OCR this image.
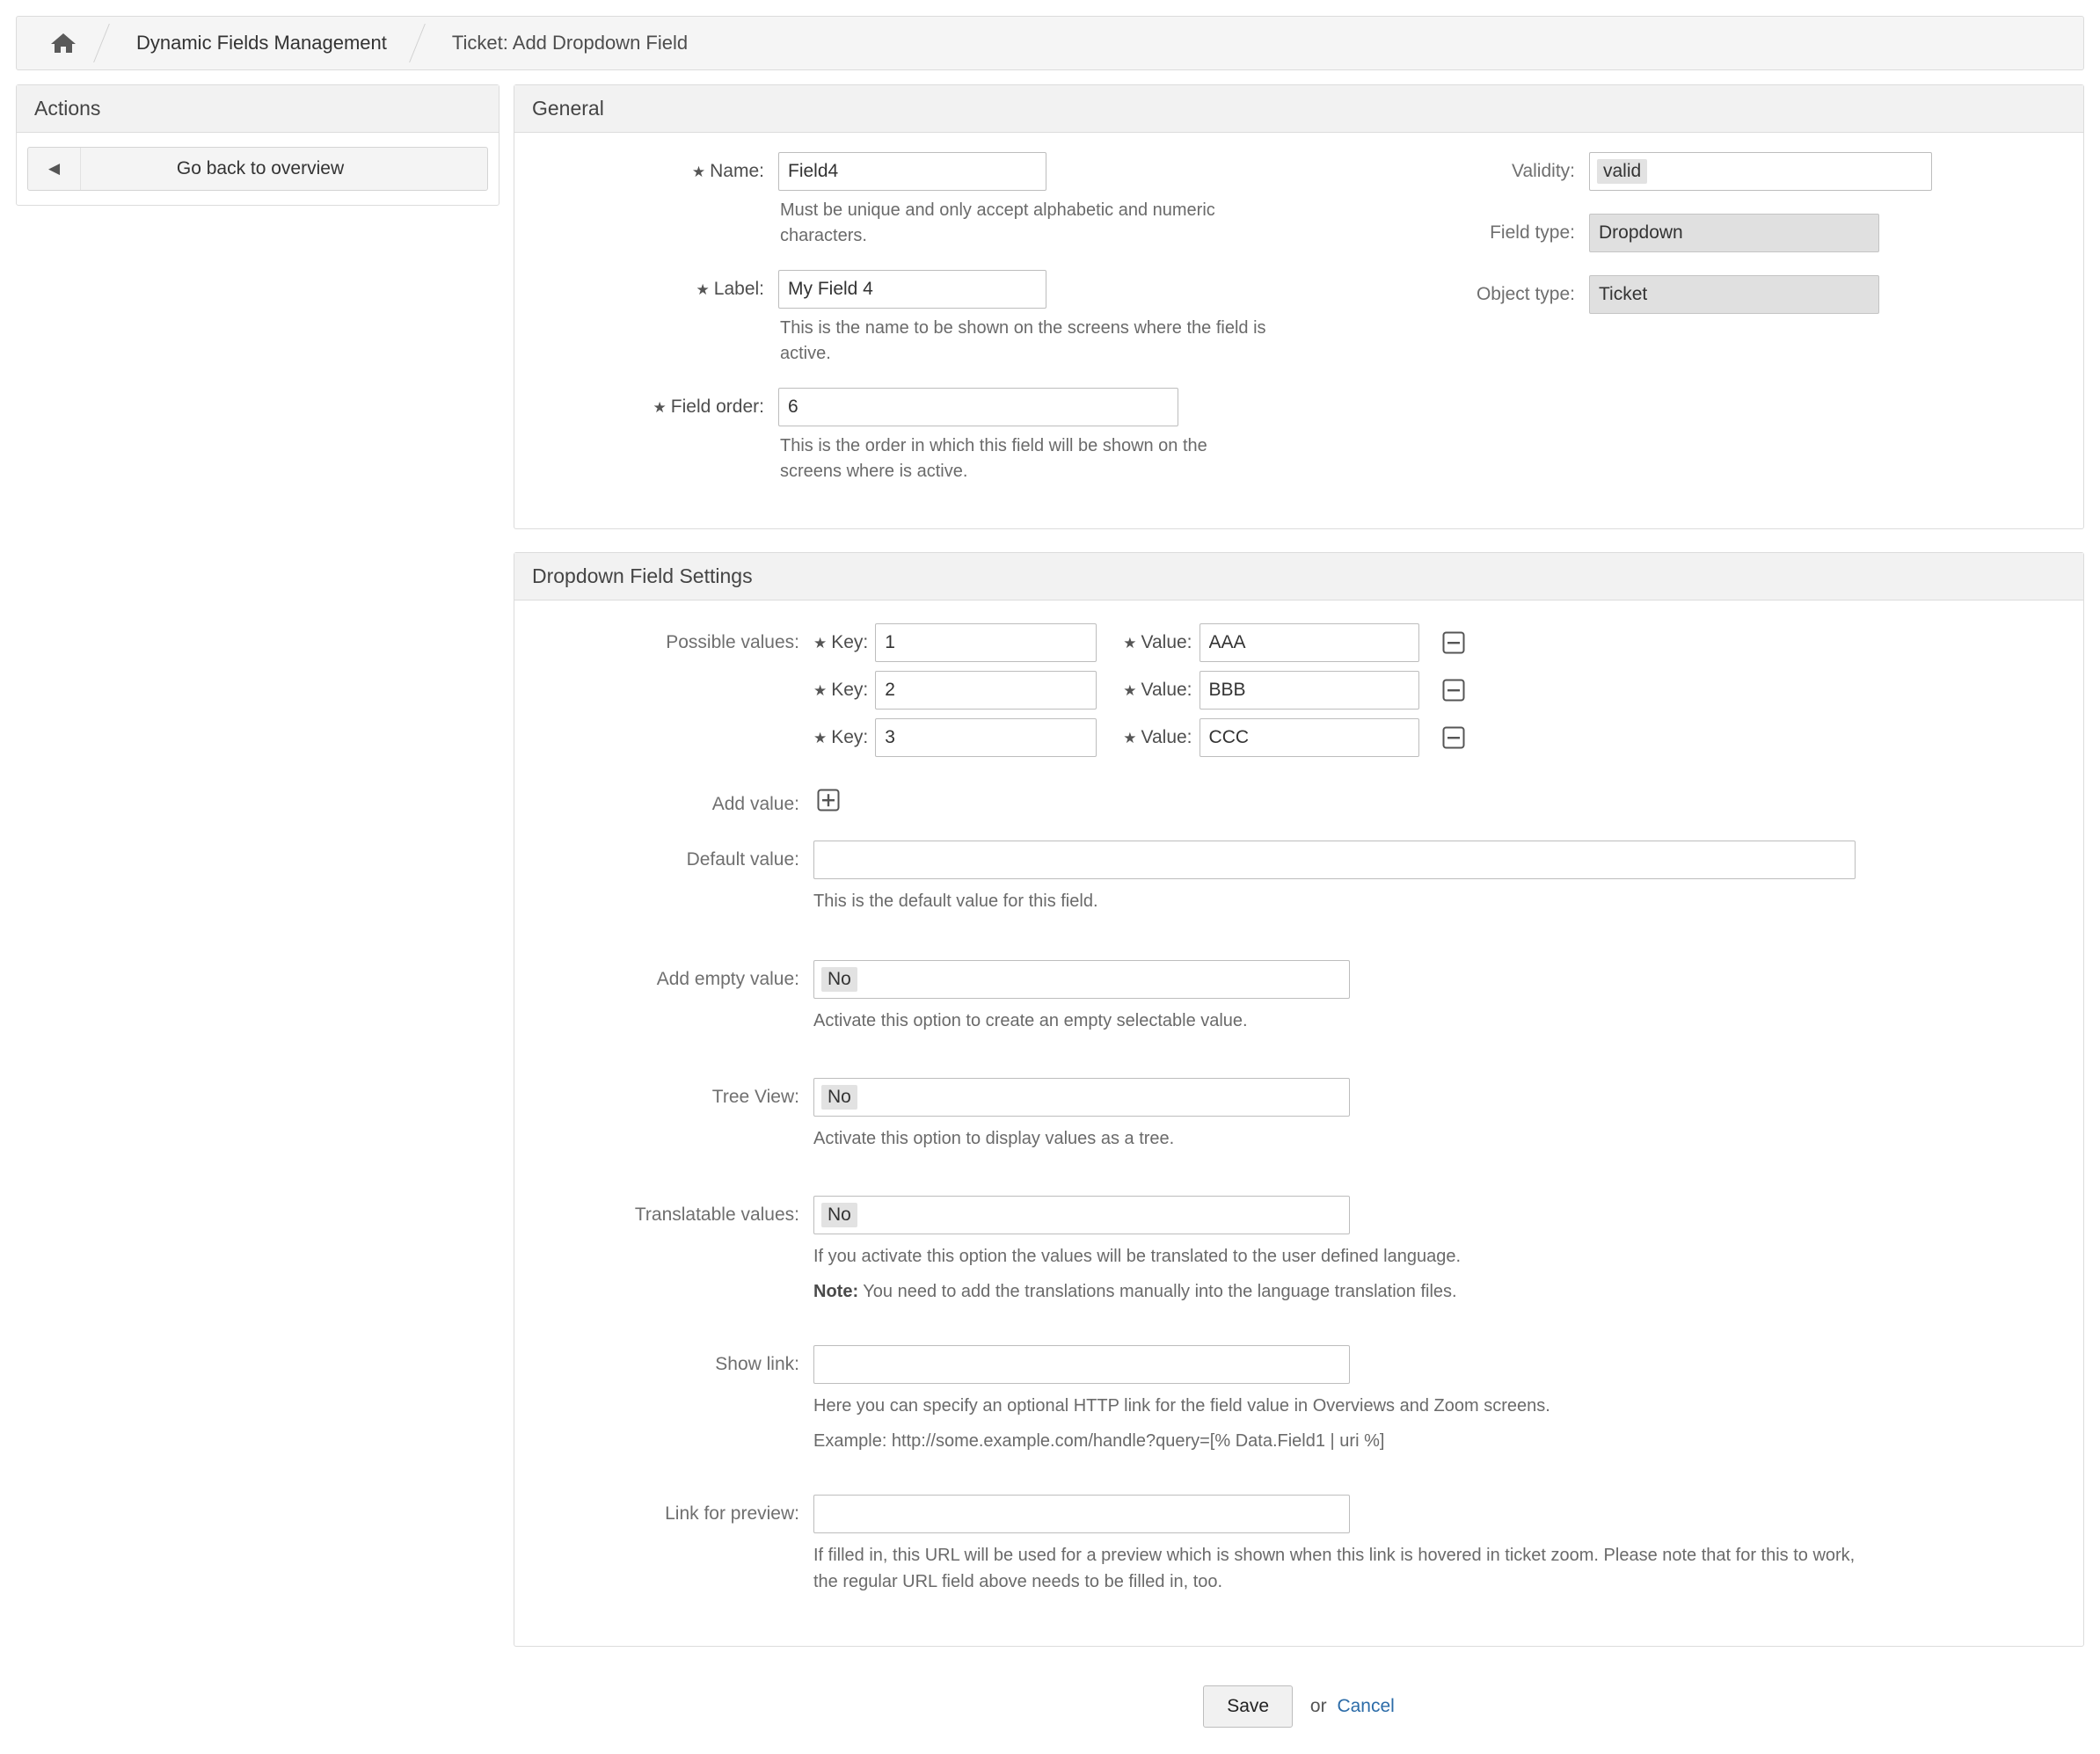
Dynamic Fields Management	Ticket: Add Dropdown Field
Actions
◀	Go back to overview
General
★ Name:
Field4
Must be unique and only accept alphabetic and numeric characters.
★ Label:
My Field 4
This is the name to be shown on the screens where the field is active.
★ Field order:
6
This is the order in which this field will be shown on the screens where is active.
Validity:	valid
Field type:	Dropdown
Object type:	Ticket
Dropdown Field Settings
Possible values: ★ Key:
1	★ Value:
AAA
★ Key:
2	★ Value:
BBB
★ Key:
3	★ Value:
CCC
Add value:
Default value:
This is the default value for this field.
Add empty value:	No
Activate this option to create an empty selectable value.
Tree View:	No
Activate this option to display values as a tree.
Translatable values:	No
If you activate this option the values will be translated to the user defined language.
Note: You need to add the translations manually into the language translation files.
Show link:
Here you can specify an optional HTTP link for the field value in Overviews and Zoom screens.
Example: http://some.example.com/handle?query=[% Data.Field1 | uri %]
Link for preview:
If filled in, this URL will be used for a preview which is shown when this link is hovered in ticket zoom. Please note that for this to work, the regular URL field above needs to be filled in, too.
Save or Cancel
